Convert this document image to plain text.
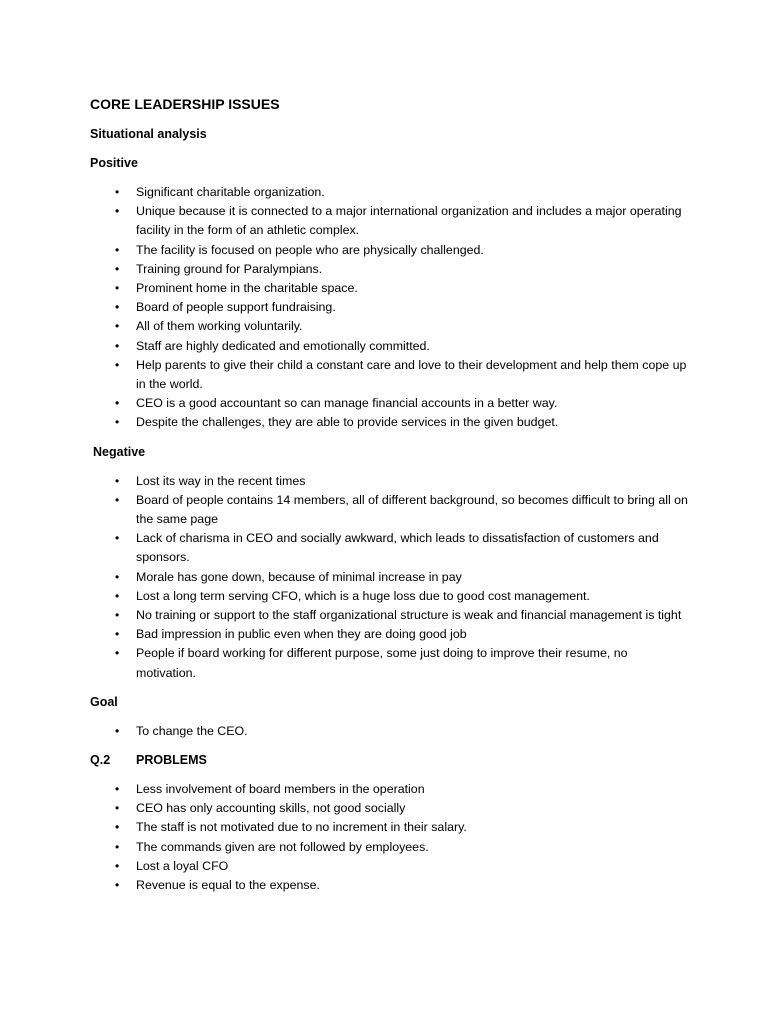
CORE LEADERSHIP ISSUES
Situational analysis
Positive
• Significant charitable organization.
• Unique because it is connected to a major international organization and includes a major operating facility in the form of an athletic complex.
• The facility is focused on people who are physically challenged.
• Training ground for Paralympians.
• Prominent home in the charitable space.
• Board of people support fundraising.
• All of them working voluntarily.
• Staff are highly dedicated and emotionally committed.
• Help parents to give their child a constant care and love to their development and help them cope up in the world.
• CEO is a good accountant so can manage financial accounts in a better way.
• Despite the challenges, they are able to provide services in the given budget.
Negative
• Lost its way in the recent times
• Board of people contains 14 members, all of different background, so becomes difficult to bring all on the same page
• Lack of charisma in CEO and socially awkward, which leads to dissatisfaction of customers and sponsors.
• Morale has gone down, because of minimal increase in pay
• Lost a long term serving CFO, which is a huge loss due to good cost management.
• No training or support to the staff organizational structure is weak and financial management is tight
• Bad impression in public even when they are doing good job
• People if board working for different purpose, some just doing to improve their resume, no motivation.
Goal
• To change the CEO.
Q.2	PROBLEMS
• Less involvement of board members in the operation
• CEO has only accounting skills, not good socially
• The staff is not motivated due to no increment in their salary.
• The commands given are not followed by employees.
• Lost a loyal CFO
• Revenue is equal to the expense.
